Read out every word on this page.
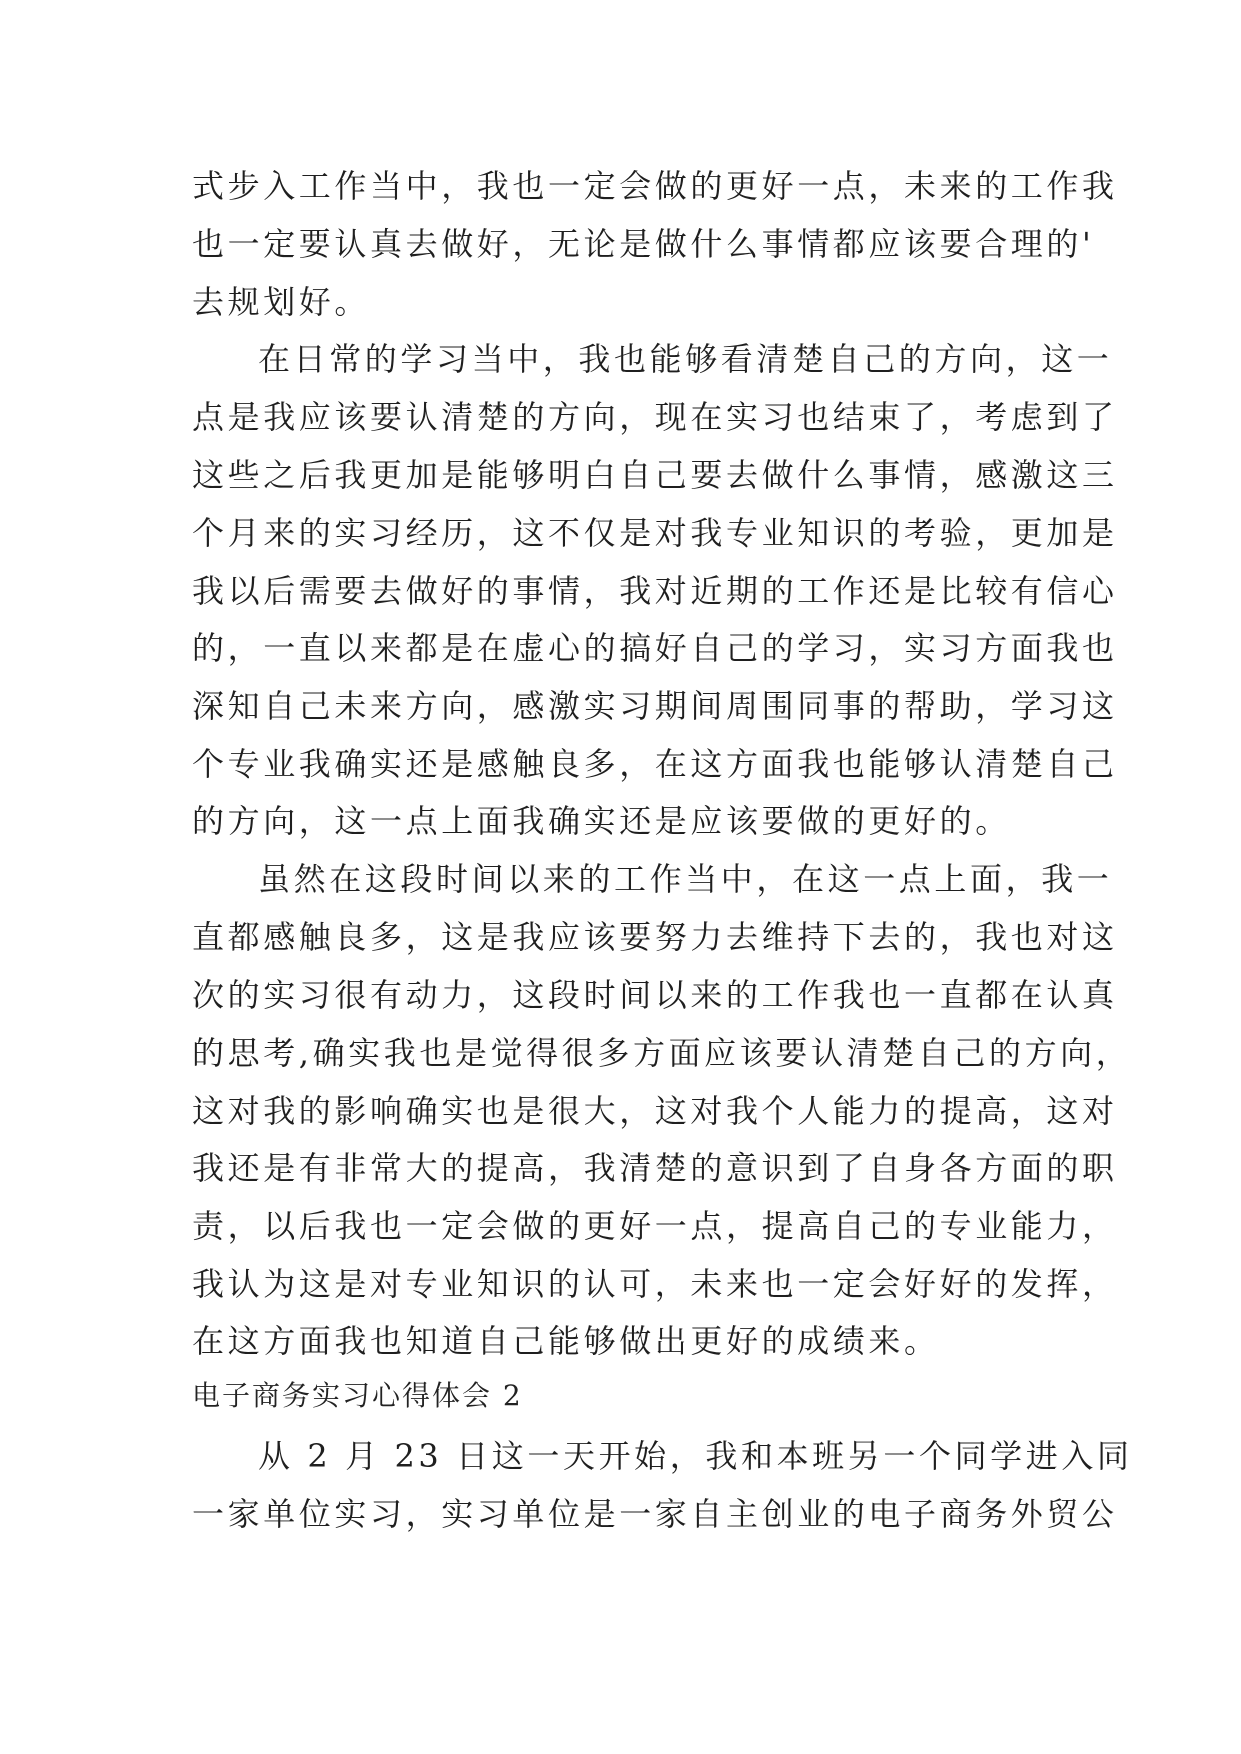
式步入工作当中，我也一定会做的更好一点，未来的工作我
也一定要认真去做好，无论是做什么事情都应该要合理的'
去规划好。
在日常的学习当中，我也能够看清楚自己的方向，这一
点是我应该要认清楚的方向，现在实习也结束了，考虑到了
这些之后我更加是能够明白自己要去做什么事情，感激这三
个月来的实习经历，这不仅是对我专业知识的考验，更加是
我以后需要去做好的事情，我对近期的工作还是比较有信心
的，一直以来都是在虚心的搞好自己的学习，实习方面我也
深知自己未来方向，感激实习期间周围同事的帮助，学习这
个专业我确实还是感触良多，在这方面我也能够认清楚自己
的方向，这一点上面我确实还是应该要做的更好的。
虽然在这段时间以来的工作当中，在这一点上面，我一
直都感触良多，这是我应该要努力去维持下去的，我也对这
次的实习很有动力，这段时间以来的工作我也一直都在认真
的思考,确实我也是觉得很多方面应该要认清楚自己的方向，
这对我的影响确实也是很大，这对我个人能力的提高，这对
我还是有非常大的提高，我清楚的意识到了自身各方面的职
责，以后我也一定会做的更好一点，提高自己的专业能力，
我认为这是对专业知识的认可，未来也一定会好好的发挥，
在这方面我也知道自己能够做出更好的成绩来。
电子商务实习心得体会 2
从 2 月 23 日这一天开始，我和本班另一个同学进入同
一家单位实习，实习单位是一家自主创业的电子商务外贸公
